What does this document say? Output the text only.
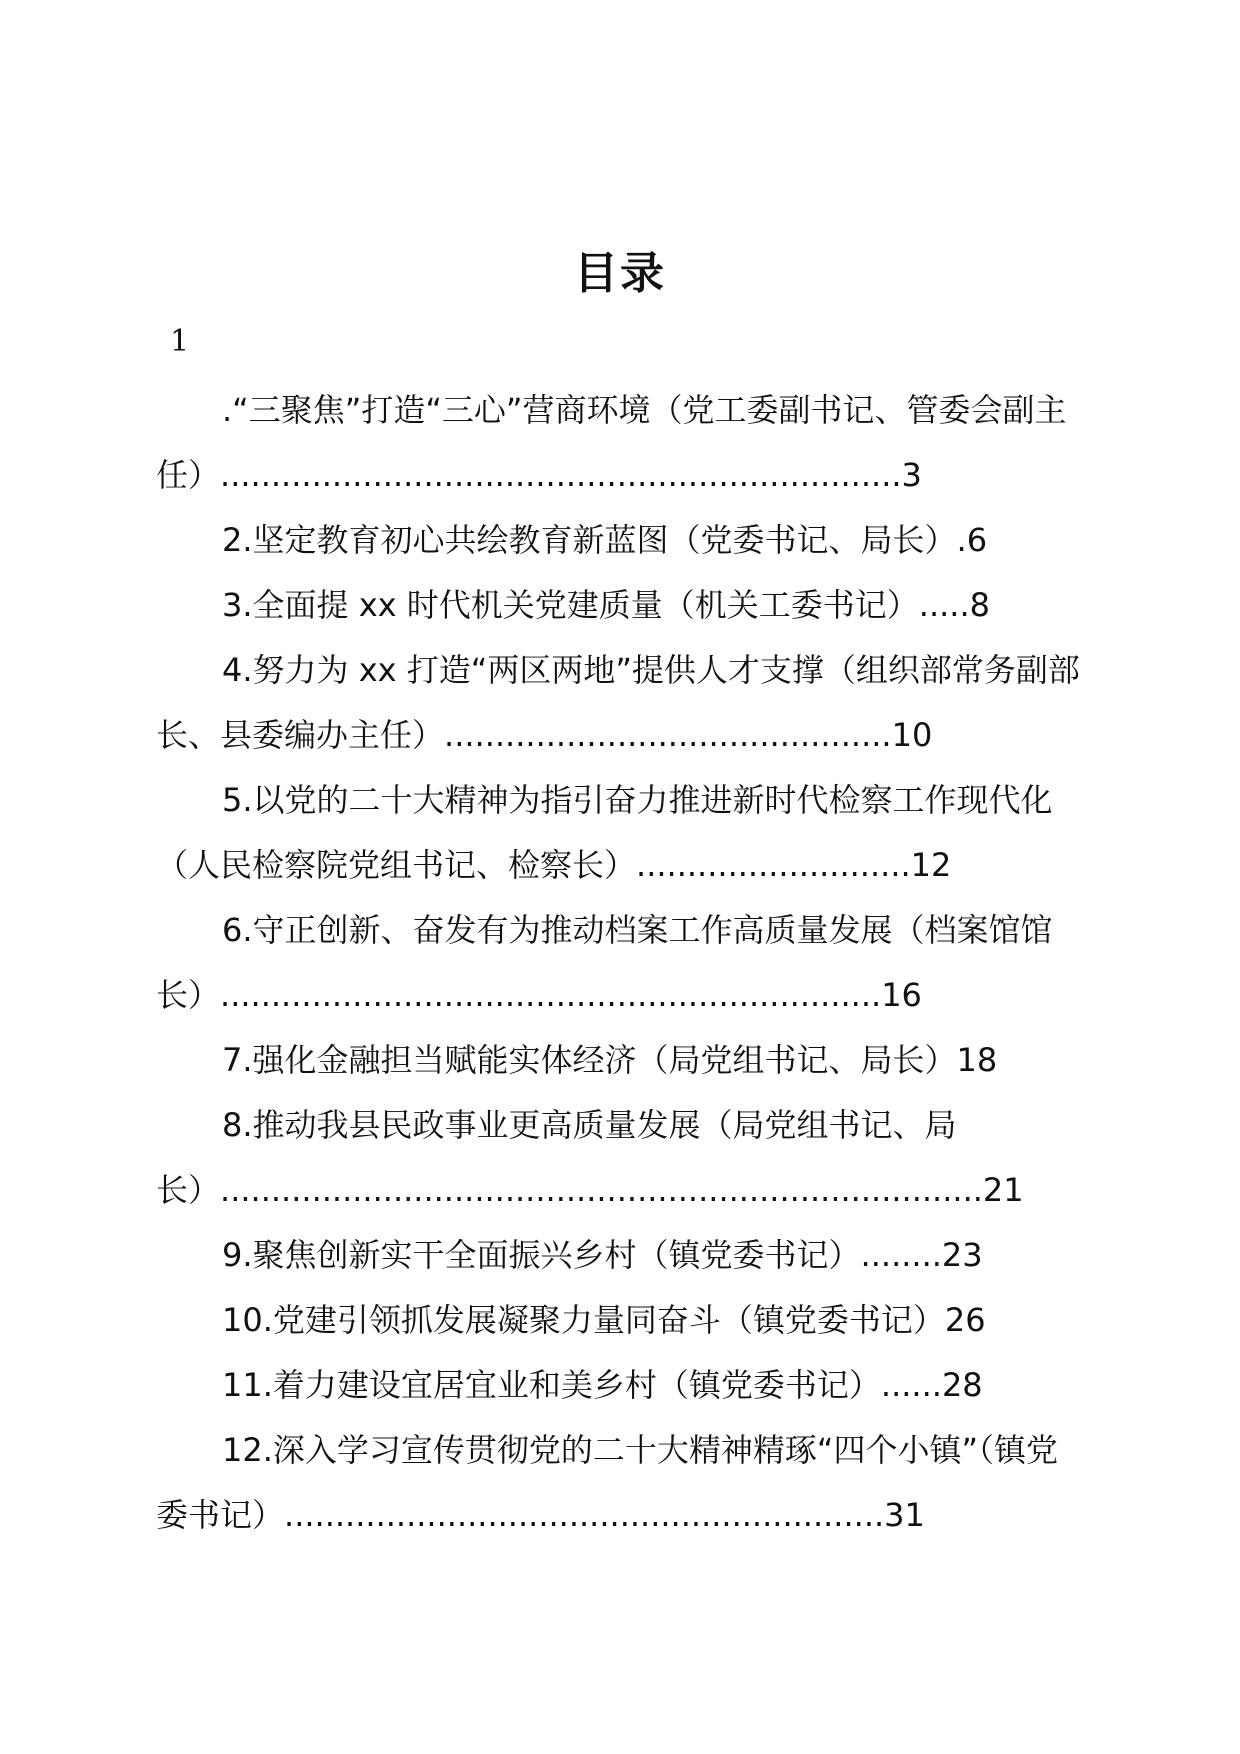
目录
1

.“三聚焦”打造“三心”营商环境（党工委副书记、管委会副主任）...................................................................3

2.坚定教育初心共绘教育新蓝图（党委书记、局长）.6

3.全面提 xx 时代机关党建质量（机关工委书记）.....8

4.努力为 xx 打造“两区两地”提供人才支撑（组织部常务副部长、县委编办主任）............................................10

5.以党的二十大精神为指引奋力推进新时代检察工作现代化（人民检察院党组书记、检察长）...........................12

6.守正创新、奋发有为推动档案工作高质量发展（档案馆馆长）.................................................................16

7.强化金融担当赋能实体经济（局党组书记、局长）18

8.推动我县民政事业更高质量发展（局党组书记、局长）...........................................................................21

9.聚焦创新实干全面振兴乡村（镇党委书记）........23

10.党建引领抓发展凝聚力量同奋斗（镇党委书记）26

11.着力建设宜居宜业和美乡村（镇党委书记）......28

12.深入学习宣传贯彻党的二十大精神精琢“四个小镇”（镇党委书记）...........................................................31
